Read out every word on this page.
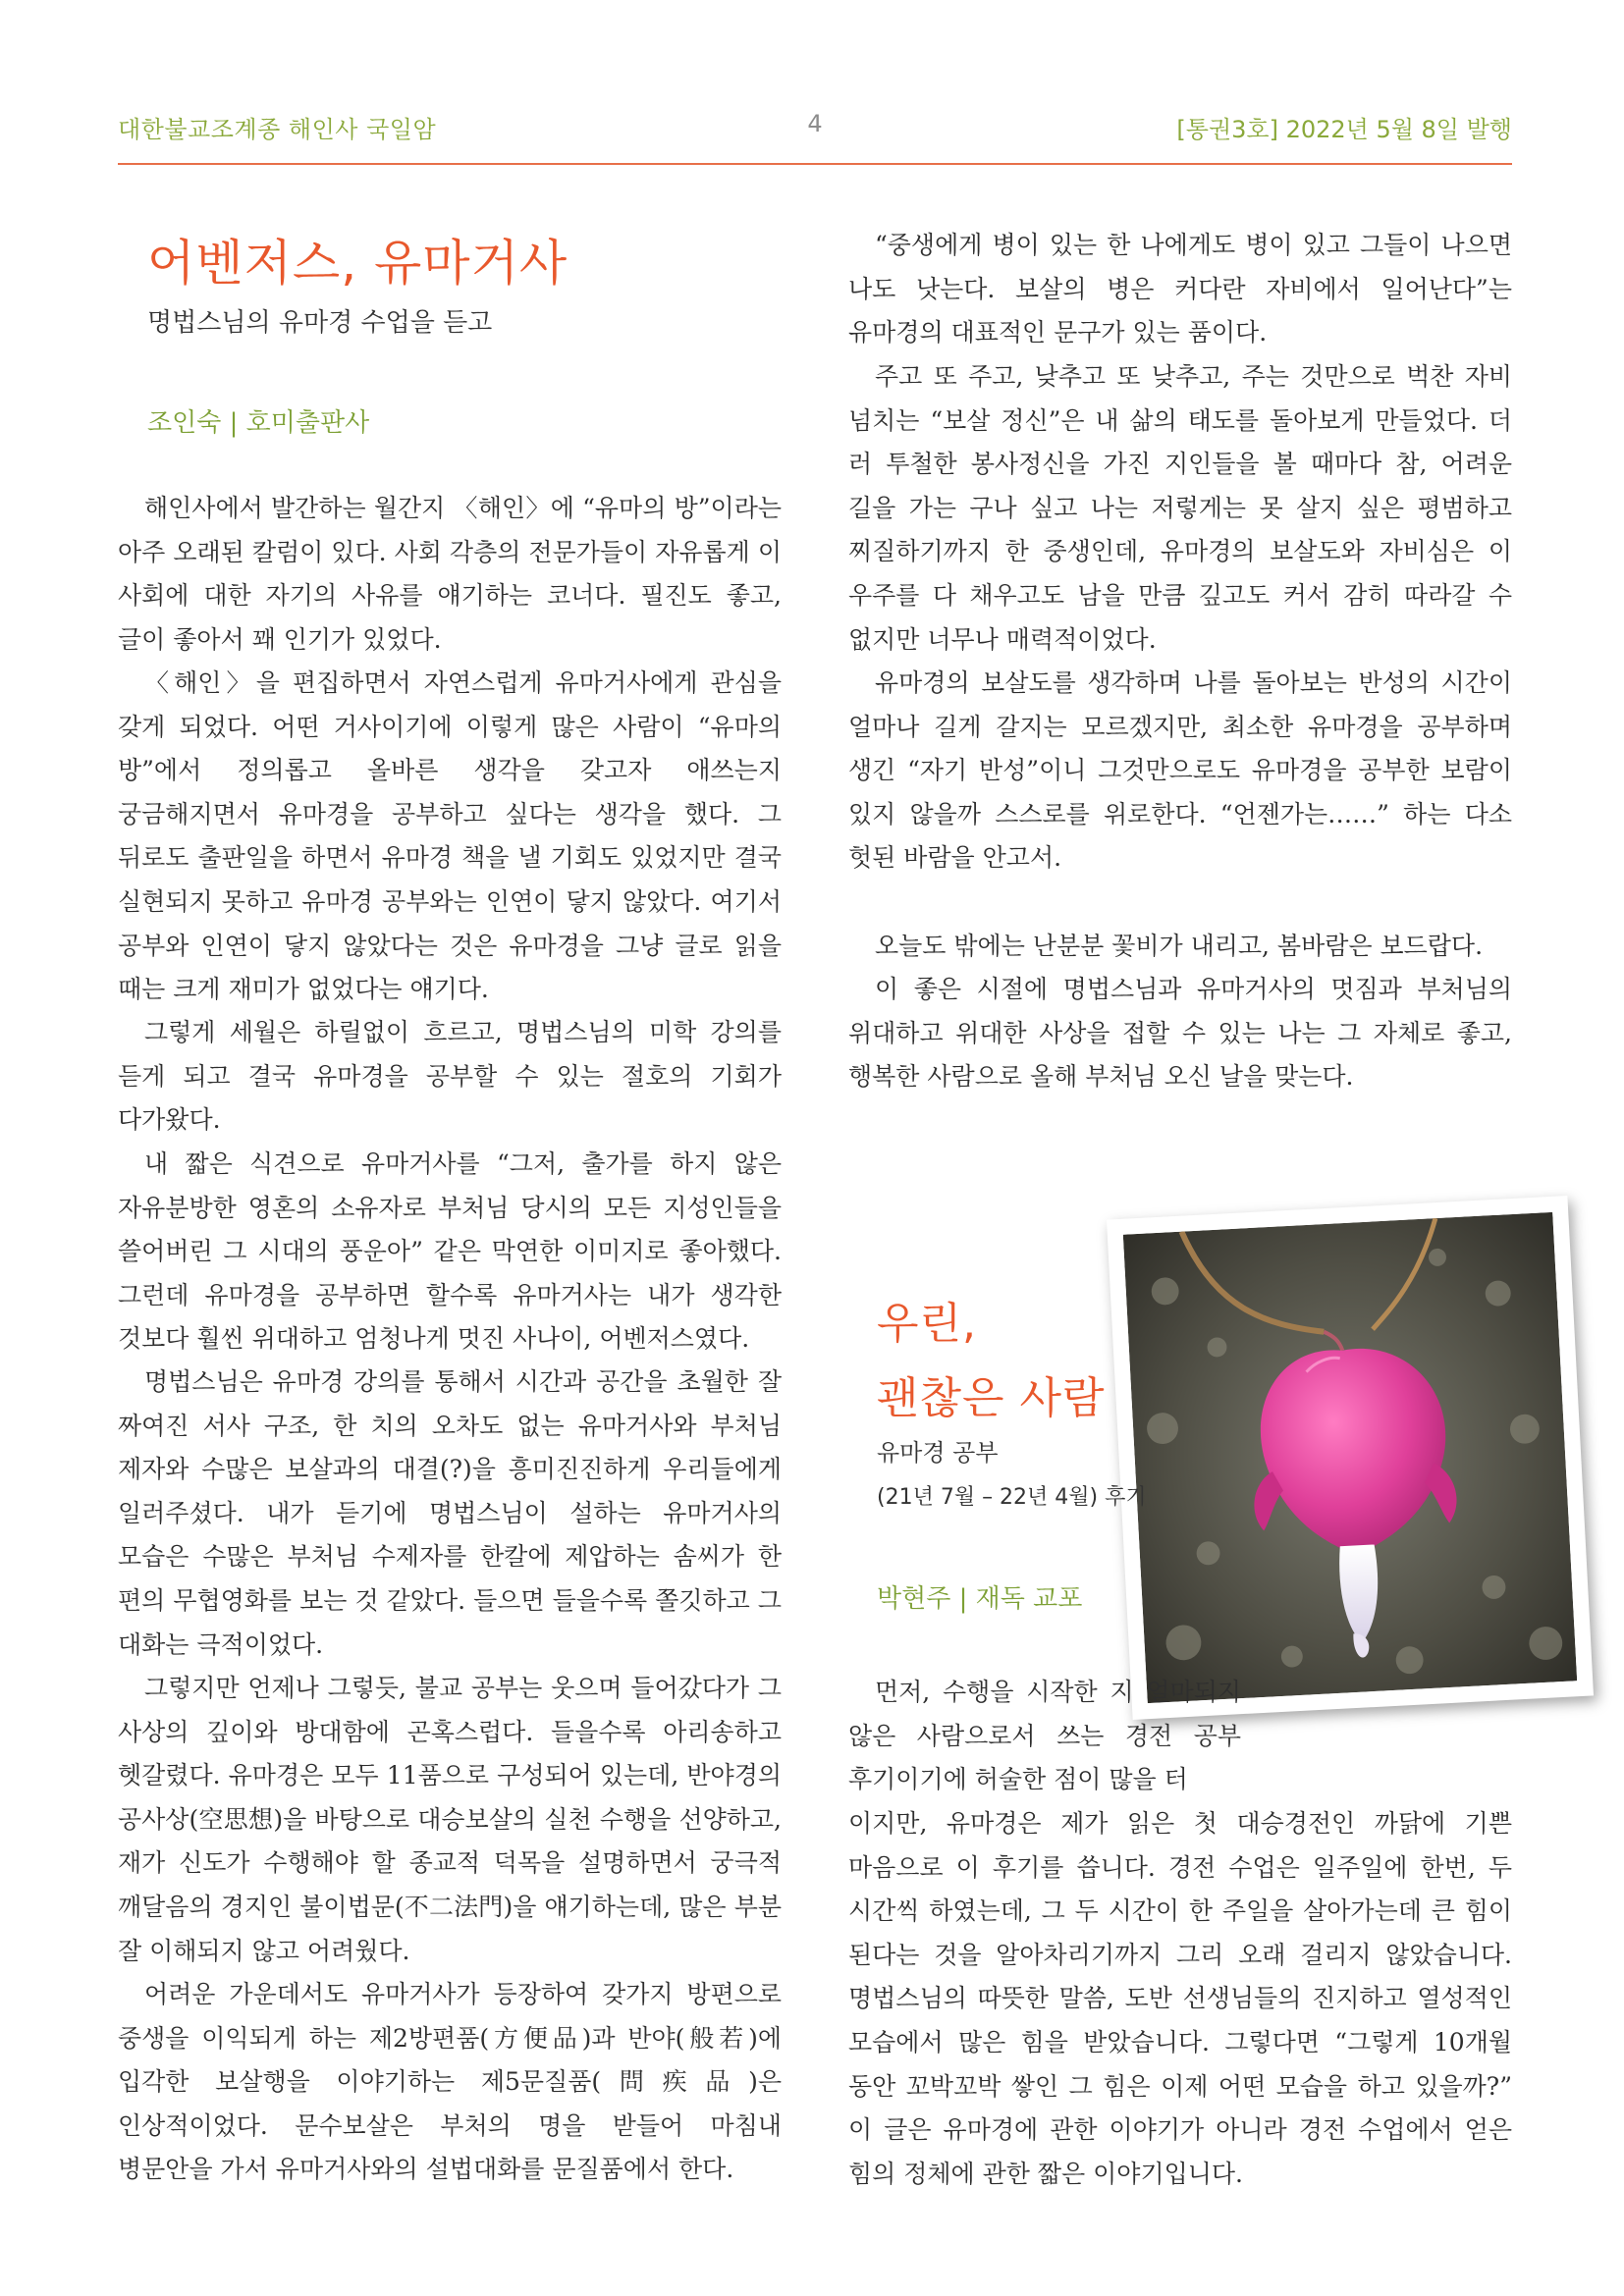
대한불교조계종 해인사 국일암	4	[통권3호] 2022년 5월 8일 발행
어벤저스, 유마거사
명법스님의 유마경 수업을 듣고
조인숙 | 호미출판사
해인사에서 발간하는 월간지 〈해인〉에 “유마의 방”이라는 아주 오래된 칼럼이 있다. 사회 각층의 전문가들이 자유롭게 이 사회에 대한 자기의 사유를 얘기하는 코너다. 필진도 좋고, 글이 좋아서 꽤 인기가 있었다.
〈해인〉을 편집하면서 자연스럽게 유마거사에게 관심을 갖게 되었다. 어떤 거사이기에 이렇게 많은 사람이 “유마의 방”에서 정의롭고 올바른 생각을 갖고자 애쓰는지 궁금해지면서 유마경을 공부하고 싶다는 생각을 했다. 그 뒤로도 출판일을 하면서 유마경 책을 낼 기회도 있었지만 결국 실현되지 못하고 유마경 공부와는 인연이 닿지 않았다. 여기서 공부와 인연이 닿지 않았다는 것은 유마경을 그냥 글로 읽을 때는 크게 재미가 없었다는 얘기다.
그렇게 세월은 하릴없이 흐르고, 명법스님의 미학 강의를 듣게 되고 결국 유마경을 공부할 수 있는 절호의 기회가 다가왔다.
내 짧은 식견으로 유마거사를 “그저, 출가를 하지 않은 자유분방한 영혼의 소유자로 부처님 당시의 모든 지성인들을 쓸어버린 그 시대의 풍운아” 같은 막연한 이미지로 좋아했다. 그런데 유마경을 공부하면 할수록 유마거사는 내가 생각한 것보다 훨씬 위대하고 엄청나게 멋진 사나이, 어벤저스였다.
명법스님은 유마경 강의를 통해서 시간과 공간을 초월한 잘 짜여진 서사 구조, 한 치의 오차도 없는 유마거사와 부처님 제자와 수많은 보살과의 대결(?)을 흥미진진하게 우리들에게 일러주셨다. 내가 듣기에 명법스님이 설하는 유마거사의 모습은 수많은 부처님 수제자를 한칼에 제압하는 솜씨가 한 편의 무협영화를 보는 것 같았다. 들으면 들을수록 쫄깃하고 그 대화는 극적이었다.
그렇지만 언제나 그렇듯, 불교 공부는 웃으며 들어갔다가 그 사상의 깊이와 방대함에 곤혹스럽다. 들을수록 아리송하고 헷갈렸다. 유마경은 모두 11품으로 구성되어 있는데, 반야경의 공사상(空思想)을 바탕으로 대승보살의 실천 수행을 선양하고, 재가 신도가 수행해야 할 종교적 덕목을 설명하면서 궁극적 깨달음의 경지인 불이법문(不二法門)을 얘기하는데, 많은 부분 잘 이해되지 않고 어려웠다.
어려운 가운데서도 유마거사가 등장하여 갖가지 방편으로 중생을 이익되게 하는 제2방편품(方便品)과 반야(般若)에 입각한 보살행을 이야기하는 제5문질품(問疾品)은 인상적이었다. 문수보살은 부처의 명을 받들어 마침내 병문안을 가서 유마거사와의 설법대화를 문질품에서 한다.
“중생에게 병이 있는 한 나에게도 병이 있고 그들이 나으면 나도 낫는다. 보살의 병은 커다란 자비에서 일어난다”는 유마경의 대표적인 문구가 있는 품이다.
주고 또 주고, 낮추고 또 낮추고, 주는 것만으로 벅찬 자비 넘치는 “보살 정신”은 내 삶의 태도를 돌아보게 만들었다. 더 러 투철한 봉사정신을 가진 지인들을 볼 때마다 참, 어려운 길을 가는 구나 싶고 나는 저렇게는 못 살지 싶은 평범하고 찌질하기까지 한 중생인데, 유마경의 보살도와 자비심은 이 우주를 다 채우고도 남을 만큼 깊고도 커서 감히 따라갈 수 없지만 너무나 매력적이었다.
유마경의 보살도를 생각하며 나를 돌아보는 반성의 시간이 얼마나 길게 갈지는 모르겠지만, 최소한 유마경을 공부하며 생긴 “자기 반성”이니 그것만으로도 유마경을 공부한 보람이 있지 않을까 스스로를 위로한다. “언젠가는……” 하는 다소 헛된 바람을 안고서.
오늘도 밖에는 난분분 꽃비가 내리고, 봄바람은 보드랍다.
이 좋은 시절에 명법스님과 유마거사의 멋짐과 부처님의 위대하고 위대한 사상을 접할 수 있는 나는 그 자체로 좋고, 행복한 사람으로 올해 부처님 오신 날을 맞는다.
우린,
괜찮은 사람
유마경 공부
(21년 7월 – 22년 4월) 후기
박현주 | 재독 교포
먼저, 수행을 시작한 지 얼마되지 않은 사람으로서 쓰는 경전 공부 후기이기에 허술한 점이 많을 터
이지만, 유마경은 제가 읽은 첫 대승경전인 까닭에 기쁜 마음으로 이 후기를 씁니다. 경전 수업은 일주일에 한번, 두 시간씩 하였는데, 그 두 시간이 한 주일을 살아가는데 큰 힘이 된다는 것을 알아차리기까지 그리 오래 걸리지 않았습니다. 명법스님의 따뜻한 말씀, 도반 선생님들의 진지하고 열성적인 모습에서 많은 힘을 받았습니다. 그렇다면 “그렇게 10개월 동안 꼬박꼬박 쌓인 그 힘은 이제 어떤 모습을 하고 있을까?” 이 글은 유마경에 관한 이야기가 아니라 경전 수업에서 얻은 힘의 정체에 관한 짧은 이야기입니다.
